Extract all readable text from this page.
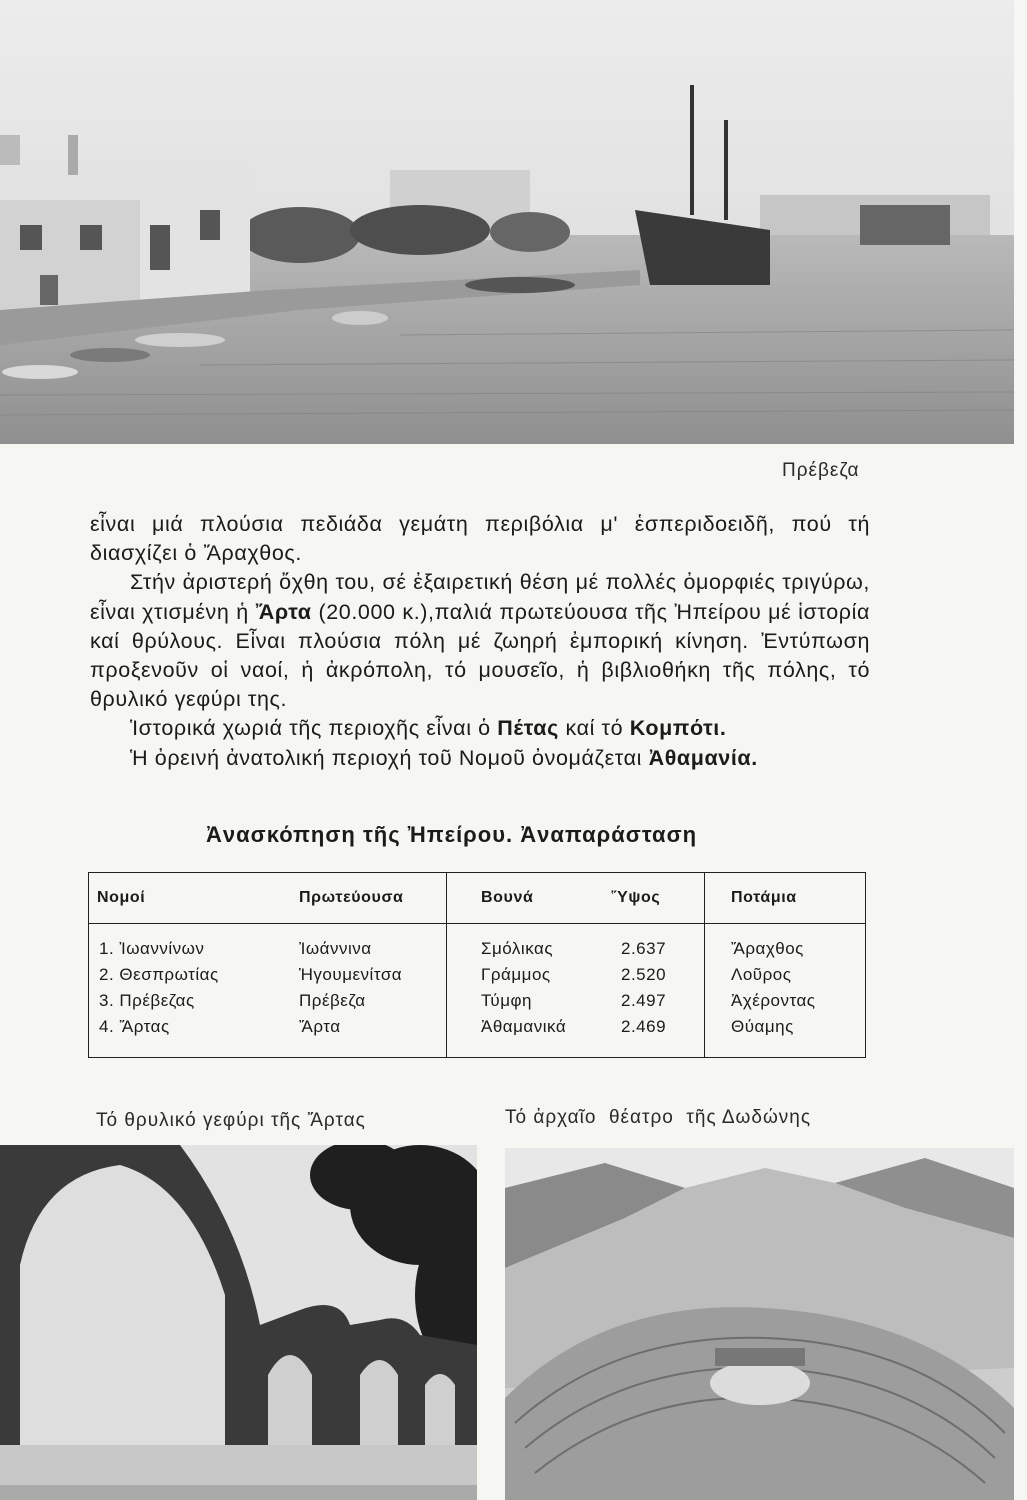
Πρέβεζα

εἶναι μιά πλούσια πεδιάδα γεμάτη περιβόλια μ' ἑσπεριδοειδῆ, πού τή διασχίζει ὁ Ἄραχθος.

Στήν ἀριστερή ὄχθη του, σέ ἐξαιρετική θέση μέ πολλές ὀμορφιές τριγύρω, εἶναι χτισμένη ἡ Ἄρτα (20.000 κ.),παλιά πρωτεύουσα τῆς Ἠπείρου μέ ἱστορία καί θρύλους. Εἶναι πλούσια πόλη μέ ζωηρή ἐμπορική κίνηση. Ἐντύπωση προξενοῦν οἱ ναοί, ἡ ἀκρόπολη, τό μουσεῖο, ἡ βιβλιοθήκη τῆς πόλης, τό θρυλικό γεφύρι της.

Ἱστορικά χωριά τῆς περιοχῆς εἶναι ὁ Πέτας καί τό Κομπότι.

Ἡ ὀρεινή ἀνατολική περιοχή τοῦ Νομοῦ ὀνομάζεται Ἀθαμανία.

Ἀνασκόπηση τῆς Ἠπείρου. Ἀναπαράσταση
Νομοί	Πρωτεύουσα	Βουνά	Ὕψος	Ποτάμια
1. Ἰωαννίνων	Ἰωάννινα	Σμόλικας	2.637	Ἄραχθος
2. Θεσπρωτίας	Ἡγουμενίτσα	Γράμμος	2.520	Λοῦρος
3. Πρέβεζας	Πρέβεζα	Τύμφη	2.497	Ἀχέροντας
4. Ἄρτας	Ἄρτα	Ἀθαμανικά	2.469	Θύαμης
Τό θρυλικό γεφύρι τῆς Ἄρτας	Τό ἀρχαῖο  θέατρο  τῆς Δωδώνης
